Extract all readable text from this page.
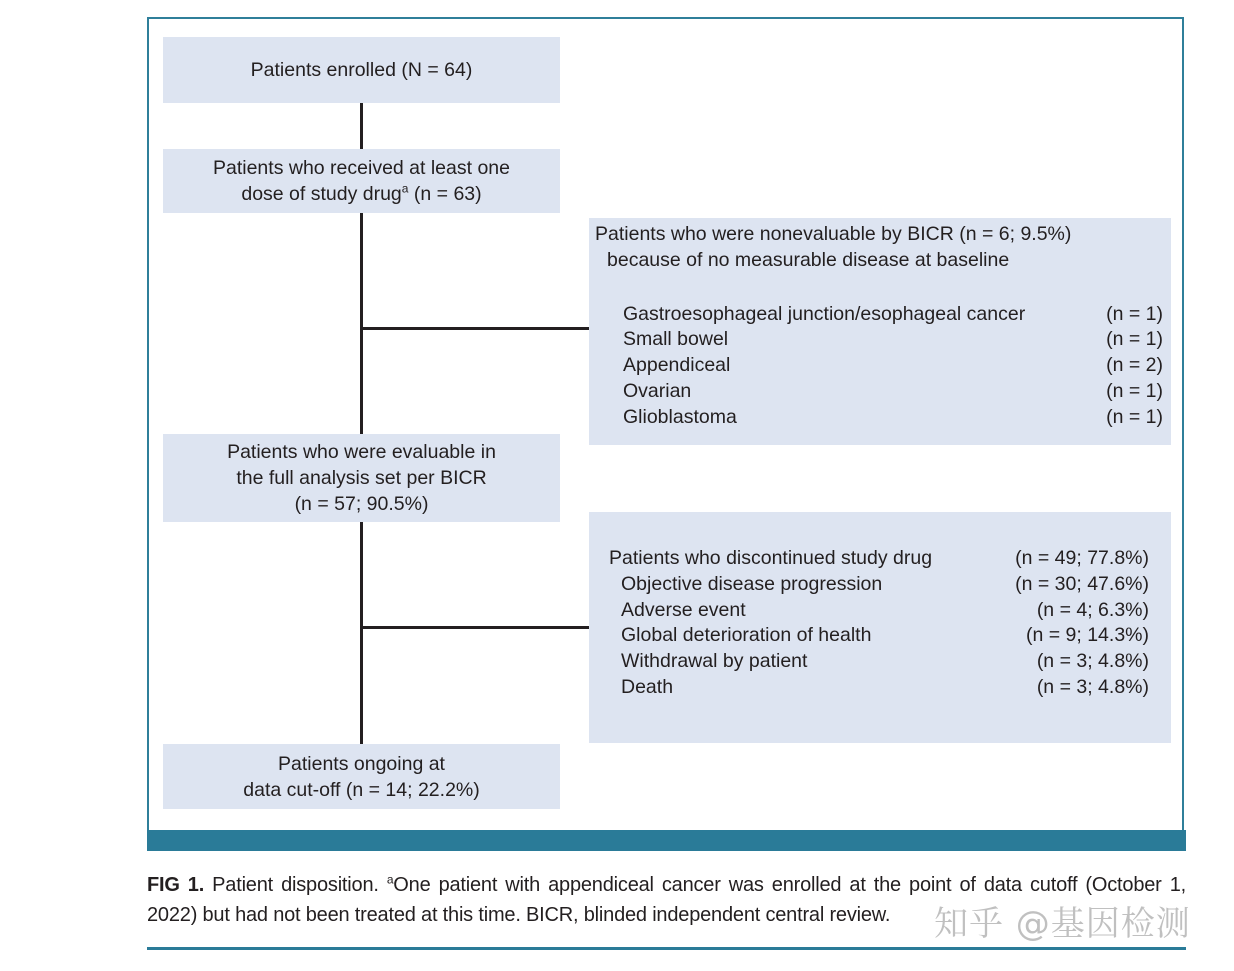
Patients enrolled (N = 64)
Patients who received at least one
dose of study drug$^a$ (n = 63)
Patients who were evaluable in
the full analysis set per BICR
(n = 57; 90.5%)
Patients ongoing at
data cut-off (n = 14; 22.2%)
Patients who were nonevaluable by BICR (n = 6; 9.5%)
because of no measurable disease at baseline
Gastroesophageal junction/esophageal cancer	(n = 1)
Small bowel	(n = 1)
Appendiceal	(n = 2)
Ovarian	(n = 1)
Glioblastoma	(n = 1)
Patients who discontinued study drug	(n = 49; 77.8%)
Objective disease progression	(n = 30; 47.6%)
Adverse event	(n = 4; 6.3%)
Global deterioration of health	(n = 9; 14.3%)
Withdrawal by patient	(n = 3; 4.8%)
Death	(n = 3; 4.8%)
FIG 1. Patient disposition. $^a$One patient with appendiceal cancer was enrolled at the point of data cutoff (October 1, 2022) but had not been treated at this time. BICR, blinded independent central review.	知乎 @基因检测
